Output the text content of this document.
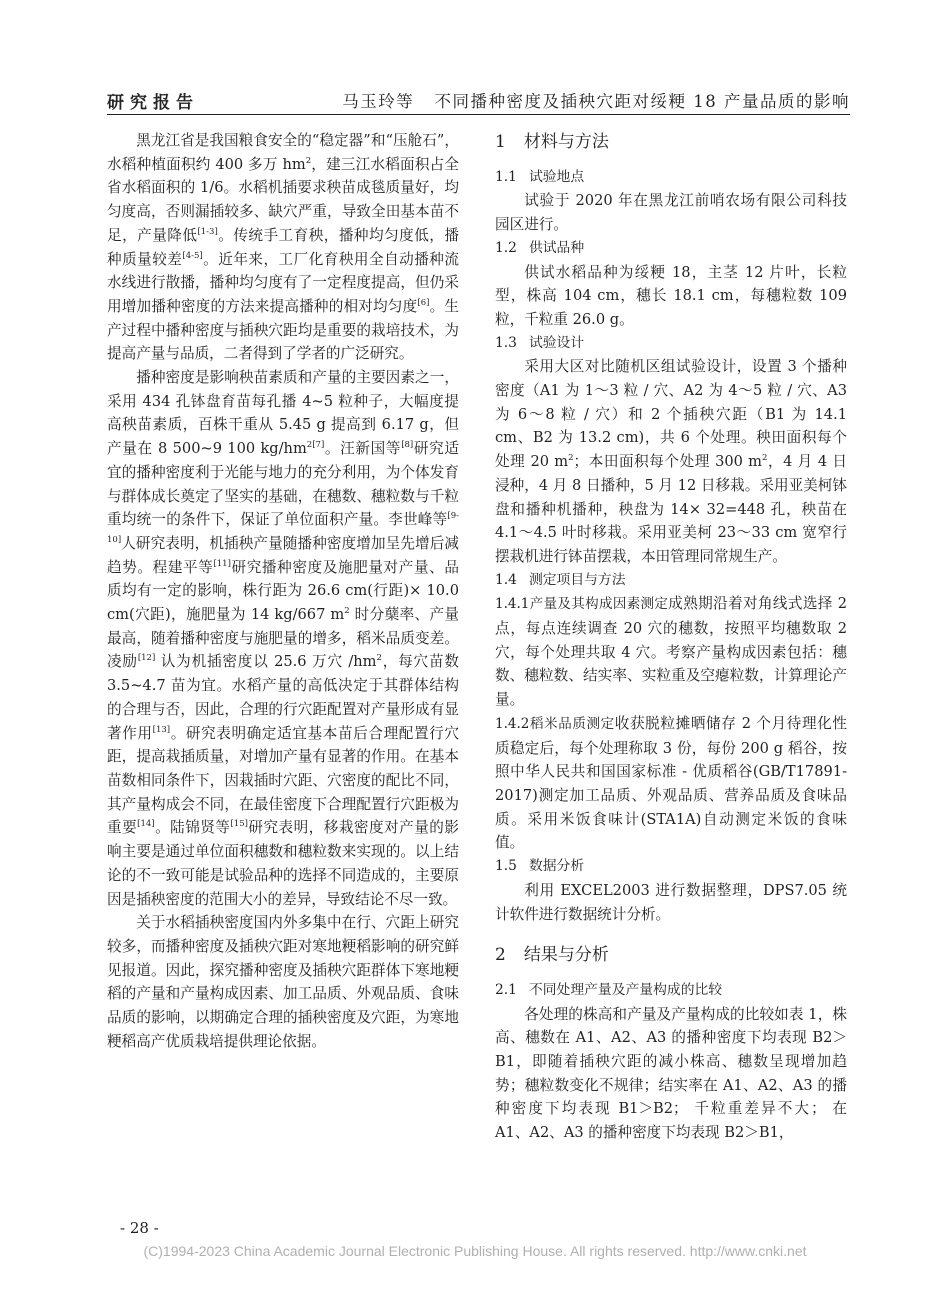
研究报告	马玉玲等 不同播种密度及插秧穴距对绥粳 18 产量品质的影响

黑龙江省是我国粮食安全的“稳定器”和“压舱石”，水稻种植面积约 400 多万 hm$^2$，建三江水稻面积占全省水稻面积的 1/6。水稻机插要求秧苗成毯质量好，均匀度高，否则漏插较多、缺穴严重，导致全田基本苗不足，产量降低[1-3]。传统手工育秧，播种均匀度低，播种质量较差[4-5]。近年来，工厂化育秧用全自动播种流水线进行散播，播种均匀度有了一定程度提高，但仍采用增加播种密度的方法来提高播种的相对均匀度[6]。生产过程中播种密度与插秧穴距均是重要的栽培技术，为提高产量与品质，二者得到了学者的广泛研究。

播种密度是影响秧苗素质和产量的主要因素之一，采用 434 孔钵盘育苗每孔播 4~5 粒种子，大幅度提高秧苗素质，百株干重从 5.45 g 提高到 6.17 g，但产量在 8 500~9 100 kg/hm$^{2[7]}$。汪新国等[8]研究适宜的播种密度利于光能与地力的充分利用，为个体发育与群体成长奠定了坚实的基础，在穗数、穗粒数与千粒重均统一的条件下，保证了单位面积产量。李世峰等[9-10]人研究表明，机插秧产量随播种密度增加呈先增后减趋势。程建平等[11]研究播种密度及施肥量对产量、品质均有一定的影响，株行距为 26.6 cm(行距)× 10.0 cm(穴距)，施肥量为 14 kg/667 m$^2$ 时分蘖率、产量最高，随着播种密度与施肥量的增多，稻米品质变差。凌励[12] 认为机插密度以 25.6 万穴 /hm$^2$，每穴苗数 3.5~4.7 苗为宜。水稻产量的高低决定于其群体结构的合理与否，因此，合理的行穴距配置对产量形成有显著作用[13]。研究表明确定适宜基本苗后合理配置行穴距，提高栽插质量，对增加产量有显著的作用。在基本苗数相同条件下，因栽插时穴距、穴密度的配比不同，其产量构成会不同，在最佳密度下合理配置行穴距极为重要[14]。陆锦贤等[15]研究表明，移栽密度对产量的影响主要是通过单位面积穗数和穗粒数来实现的。以上结论的不一致可能是试验品种的选择不同造成的，主要原因是插秧密度的范围大小的差异，导致结论不尽一致。

关于水稻插秧密度国内外多集中在行、穴距上研究较多，而播种密度及插秧穴距对寒地粳稻影响的研究鲜见报道。因此，探究播种密度及插秧穴距群体下寒地粳稻的产量和产量构成因素、加工品质、外观品质、食味品质的影响，以期确定合理的插秧密度及穴距，为寒地粳稻高产优质栽培提供理论依据。

1 材料与方法
1.1 试验地点

试验于 2020 年在黑龙江前哨农场有限公司科技园区进行。

1.2 供试品种

供试水稻品种为绥粳 18，主茎 12 片叶，长粒型，株高 104 cm，穗长 18.1 cm，每穗粒数 109 粒，千粒重 26.0 g。

1.3 试验设计

采用大区对比随机区组试验设计，设置 3 个播种密度（A1 为 1～3 粒 / 穴、A2 为 4～5 粒 / 穴、A3 为 6～8 粒 / 穴）和 2 个插秧穴距（B1 为 14.1 cm、B2 为 13.2 cm)，共 6 个处理。秧田面积每个处理 20 m$^2$；本田面积每个处理 300 m$^2$，4 月 4 日浸种，4 月 8 日播种，5 月 12 日移栽。采用亚美柯钵盘和播种机播种，秧盘为 14× 32=448 孔，秧苗在 4.1～4.5 叶时移栽。采用亚美柯 23～33 cm 宽窄行摆栽机进行钵苗摆栽，本田管理同常规生产。

1.4 测定项目与方法

1.4.1产量及其构成因素测定成熟期沿着对角线式选择 2 点，每点连续调查 20 穴的穗数，按照平均穗数取 2 穴，每个处理共取 4 穴。考察产量构成因素包括：穗数、穗粒数、结实率、实粒重及空瘪粒数，计算理论产量。

1.4.2稻米品质测定收获脱粒摊晒储存 2 个月待理化性质稳定后，每个处理称取 3 份，每份 200 g 稻谷，按照中华人民共和国国家标准 - 优质稻谷(GB/T17891- 2017)测定加工品质、外观品质、营养品质及食味品质。采用米饭食味计(STA1A)自动测定米饭的食味值。

1.5 数据分析

利用 EXCEL2003 进行数据整理，DPS7.05 统计软件进行数据统计分析。

2 结果与分析
2.1 不同处理产量及产量构成的比较

各处理的株高和产量及产量构成的比较如表 1，株高、穗数在 A1、A2、A3 的播种密度下均表现 B2＞B1，即随着插秧穴距的减小株高、穗数呈现增加趋势；穗粒数变化不规律；结实率在 A1、A2、A3 的播种密度下均表现 B1＞B2； 千粒重差异不大； 在 A1、A2、A3 的播种密度下均表现 B2＞B1，

- 28 -
(C)1994-2023 China Academic Journal Electronic Publishing House. All rights reserved. http://www.cnki.net
